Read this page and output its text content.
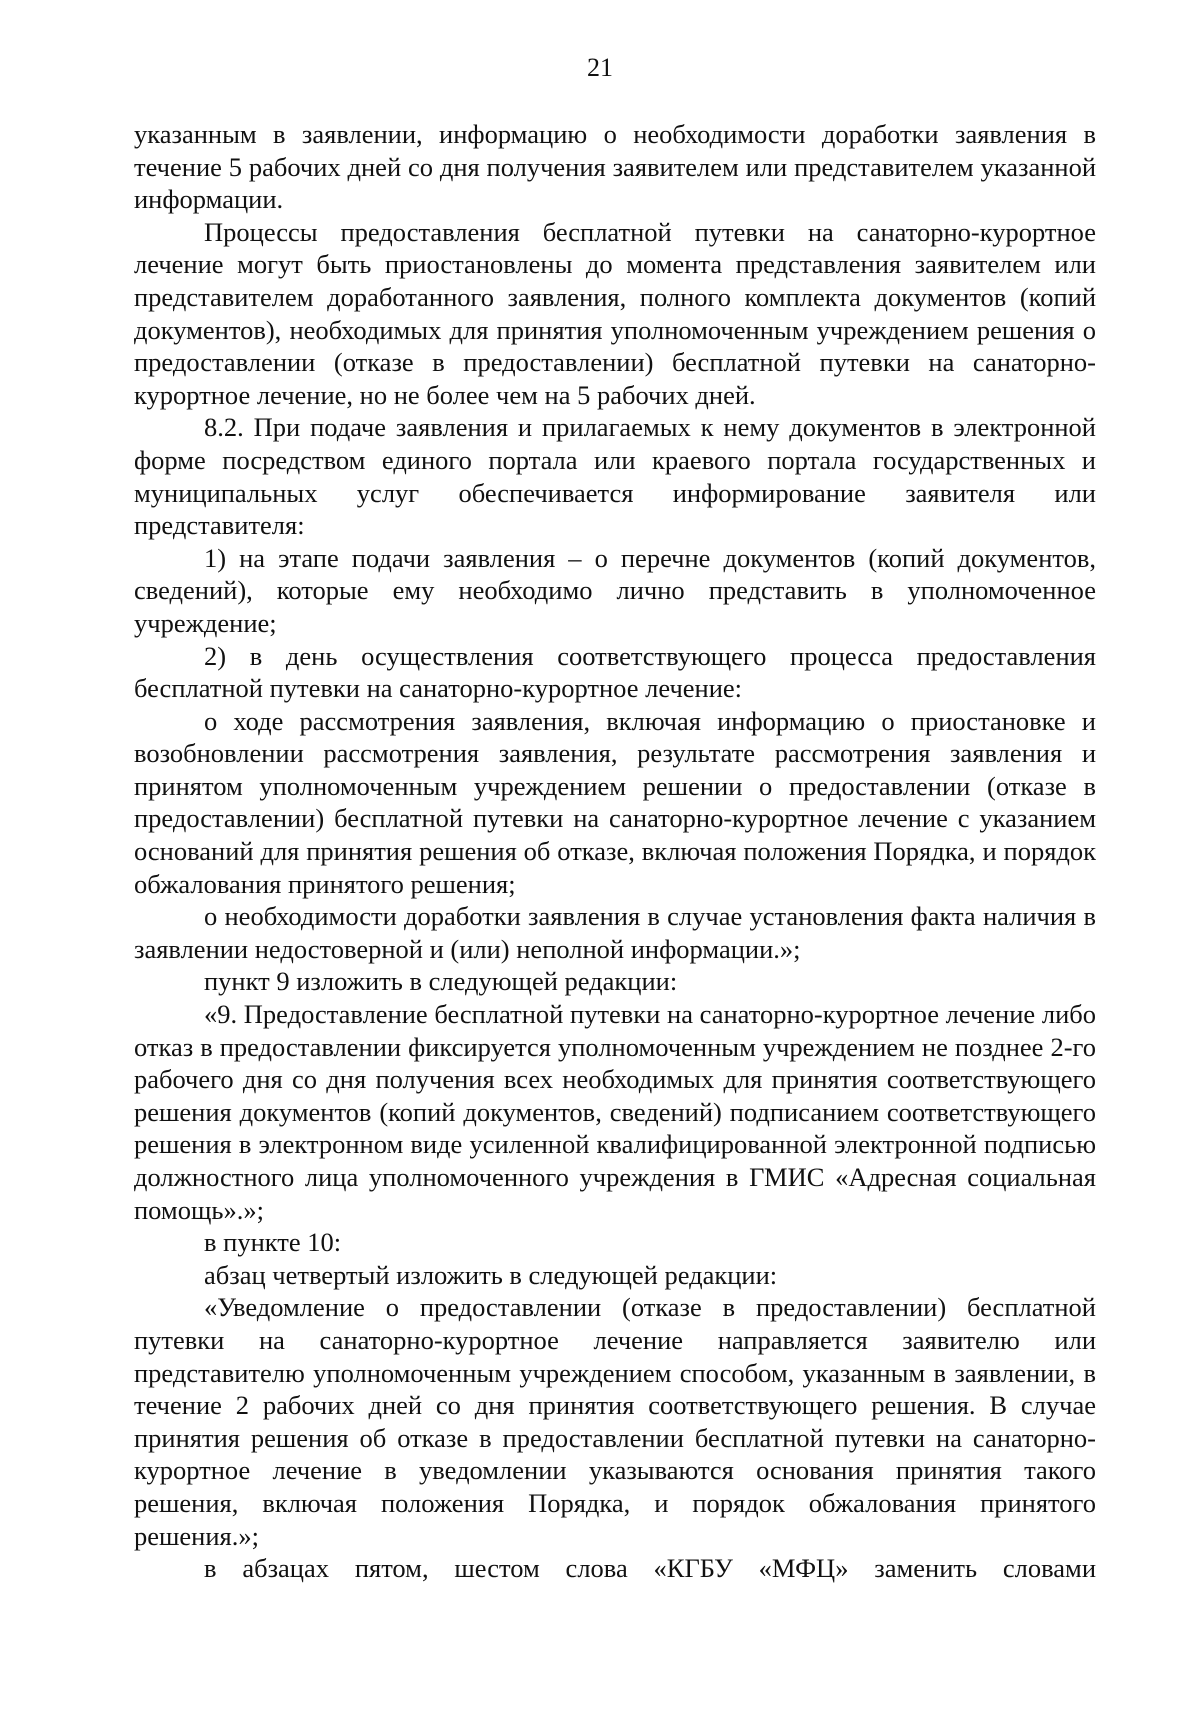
21

указанным в заявлении, информацию о необходимости доработки заявления в течение 5 рабочих дней со дня получения заявителем или представителем указанной информации.

Процессы предоставления бесплатной путевки на санаторно-курортное лечение могут быть приостановлены до момента представления заявителем или представителем доработанного заявления, полного комплекта документов (копий документов), необходимых для принятия уполномоченным учреждением решения о предоставлении (отказе в предоставлении) бесплатной путевки на санаторно-курортное лечение, но не более чем на 5 рабочих дней.

8.2. При подаче заявления и прилагаемых к нему документов в электронной форме посредством единого портала или краевого портала государственных и муниципальных услуг обеспечивается информирование заявителя или представителя:

1) на этапе подачи заявления – о перечне документов (копий документов, сведений), которые ему необходимо лично представить в уполномоченное учреждение;

2) в день осуществления соответствующего процесса предоставления бесплатной путевки на санаторно-курортное лечение:

о ходе рассмотрения заявления, включая информацию о приостановке и возобновлении рассмотрения заявления, результате рассмотрения заявления и принятом уполномоченным учреждением решении о предоставлении (отказе в предоставлении) бесплатной путевки на санаторно-курортное лечение с указанием оснований для принятия решения об отказе, включая положения Порядка, и порядок обжалования принятого решения;

о необходимости доработки заявления в случае установления факта наличия в заявлении недостоверной и (или) неполной информации.»;

пункт 9 изложить в следующей редакции:

«9. Предоставление бесплатной путевки на санаторно-курортное лечение либо отказ в предоставлении фиксируется уполномоченным учреждением не позднее 2-го рабочего дня со дня получения всех необходимых для принятия соответствующего решения документов (копий документов, сведений) подписанием соответствующего решения в электронном виде усиленной квалифицированной электронной подписью должностного лица уполномоченного учреждения в ГМИС «Адресная социальная помощь».»;

в пункте 10:

абзац четвертый изложить в следующей редакции:

«Уведомление о предоставлении (отказе в предоставлении) бесплатной путевки на санаторно-курортное лечение направляется заявителю или представителю уполномоченным учреждением способом, указанным в заявлении, в течение 2 рабочих дней со дня принятия соответствующего решения. В случае принятия решения об отказе в предоставлении бесплатной путевки на санаторно-курортное лечение в уведомлении указываются основания принятия такого решения, включая положения Порядка, и порядок обжалования принятого решения.»;

в абзацах пятом, шестом слова «КГБУ «МФЦ» заменить словами
